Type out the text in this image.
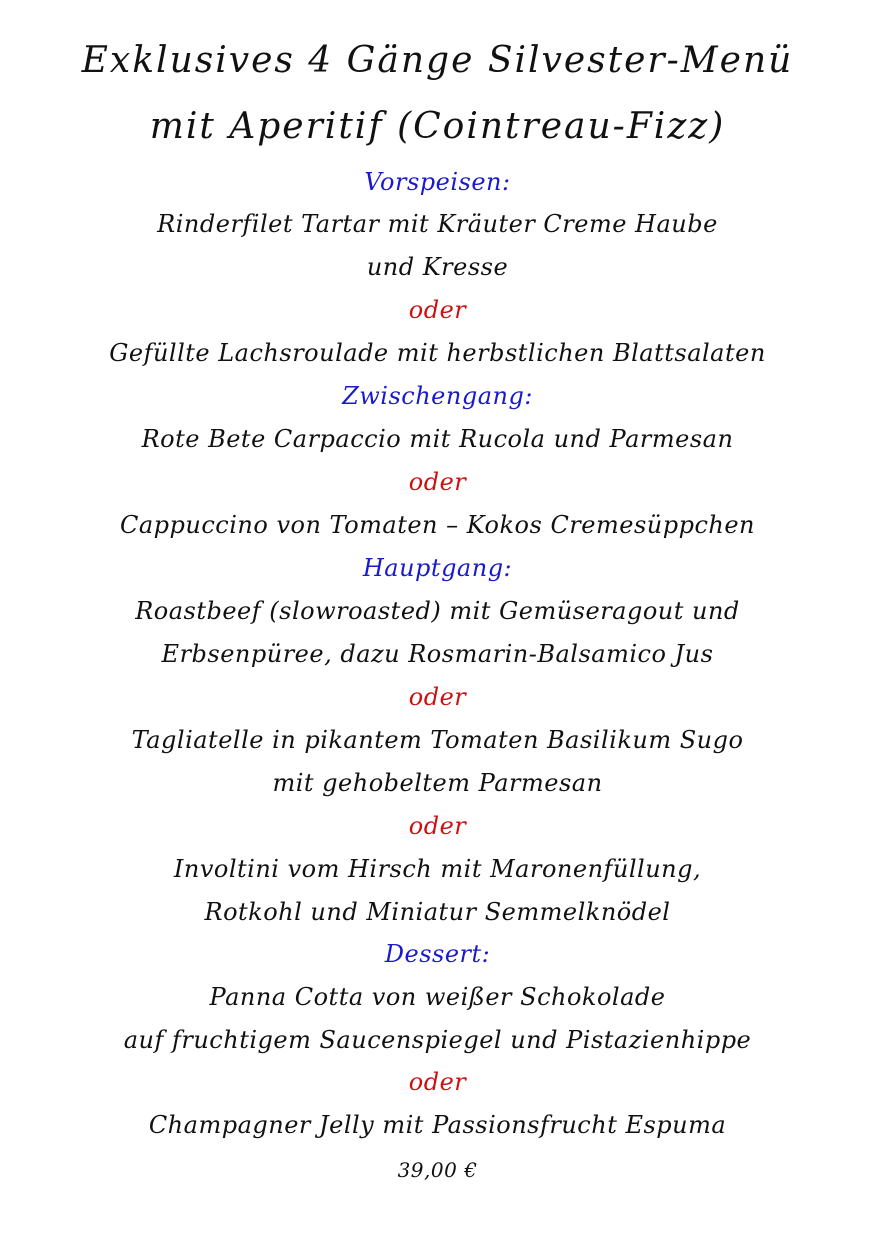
Exklusives 4 Gänge Silvester-Menü
mit Aperitif (Cointreau-Fizz)
Vorspeisen:
Rinderfilet Tartar mit Kräuter Creme Haube
und Kresse
oder
Gefüllte Lachsroulade mit herbstlichen Blattsalaten
Zwischengang:
Rote Bete Carpaccio mit Rucola und Parmesan
oder
Cappuccino von Tomaten – Kokos Cremesüppchen
Hauptgang:
Roastbeef (slowroasted) mit Gemüseragout und
Erbsenpüree, dazu Rosmarin-Balsamico Jus
oder
Tagliatelle in pikantem Tomaten Basilikum Sugo
mit gehobeltem Parmesan
oder
Involtini vom Hirsch mit Maronenfüllung,
Rotkohl und Miniatur Semmelknödel
Dessert:
Panna Cotta von weißer Schokolade
auf fruchtigem Saucenspiegel und Pistazienhippe
oder
Champagner Jelly mit Passionsfrucht Espuma
39,00 €
